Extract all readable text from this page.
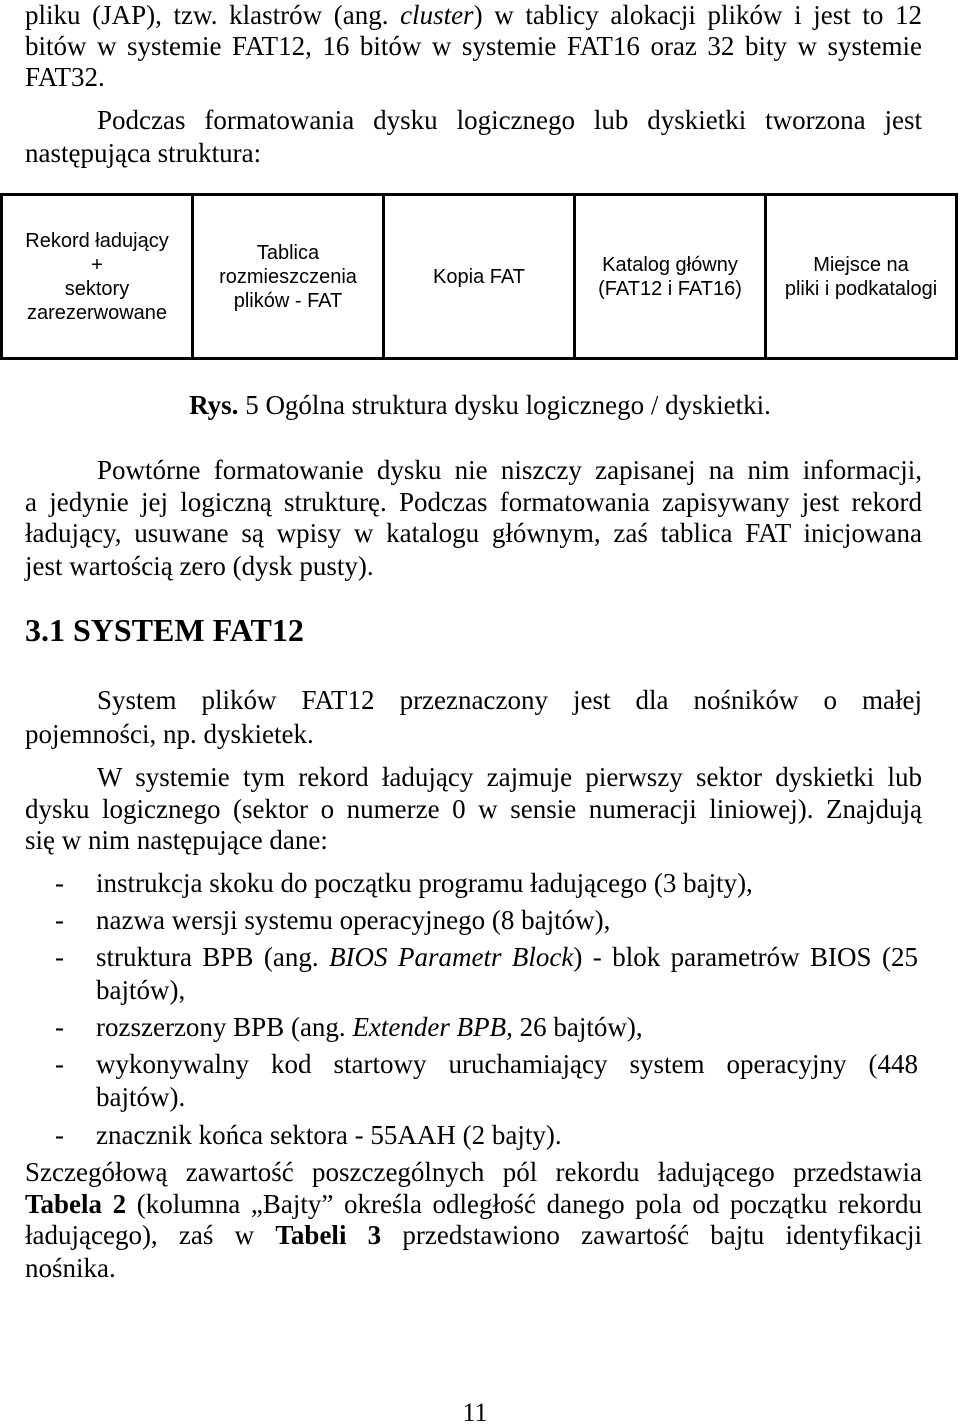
pliku (JAP), tzw. klastrów (ang. cluster) w tablicy alokacji plików i jest to 12
bitów w systemie FAT12, 16 bitów w systemie FAT16 oraz 32 bity w systemie
FAT32.
Podczas formatowania dysku logicznego lub dyskietki tworzona jest
następująca struktura:
Rekord ładujący
+
sektory
zarezerwowane
Tablica
rozmieszczenia
plików - FAT
Kopia FAT
Katalog główny
(FAT12 i FAT16)
Miejsce na
pliki i podkatalogi
Rys. 5 Ogólna struktura dysku logicznego / dyskietki.
Powtórne formatowanie dysku nie niszczy zapisanej na nim informacji,
a jedynie jej logiczną strukturę. Podczas formatowania zapisywany jest rekord
ładujący, usuwane są wpisy w katalogu głównym, zaś tablica FAT inicjowana
jest wartością zero (dysk pusty).
3.1 SYSTEM FAT12
System plików FAT12 przeznaczony jest dla nośników o małej
pojemności, np. dyskietek.
W systemie tym rekord ładujący zajmuje pierwszy sektor dyskietki lub
dysku logicznego (sektor o numerze 0 w sensie numeracji liniowej). Znajdują
się w nim następujące dane:
- instrukcja skoku do początku programu ładującego (3 bajty),
- nazwa wersji systemu operacyjnego (8 bajtów),
- struktura BPB (ang. BIOS Parametr Block) - blok parametrów BIOS (25
bajtów),
- rozszerzony BPB (ang. Extender BPB, 26 bajtów),
- wykonywalny kod startowy uruchamiający system operacyjny (448
bajtów).
- znacznik końca sektora - 55AAH (2 bajty).
Szczegółową zawartość poszczególnych pól rekordu ładującego przedstawia
Tabela 2 (kolumna „Bajty” określa odległość danego pola od początku rekordu
ładującego), zaś w Tabeli 3 przedstawiono zawartość bajtu identyfikacji
nośnika.
11
